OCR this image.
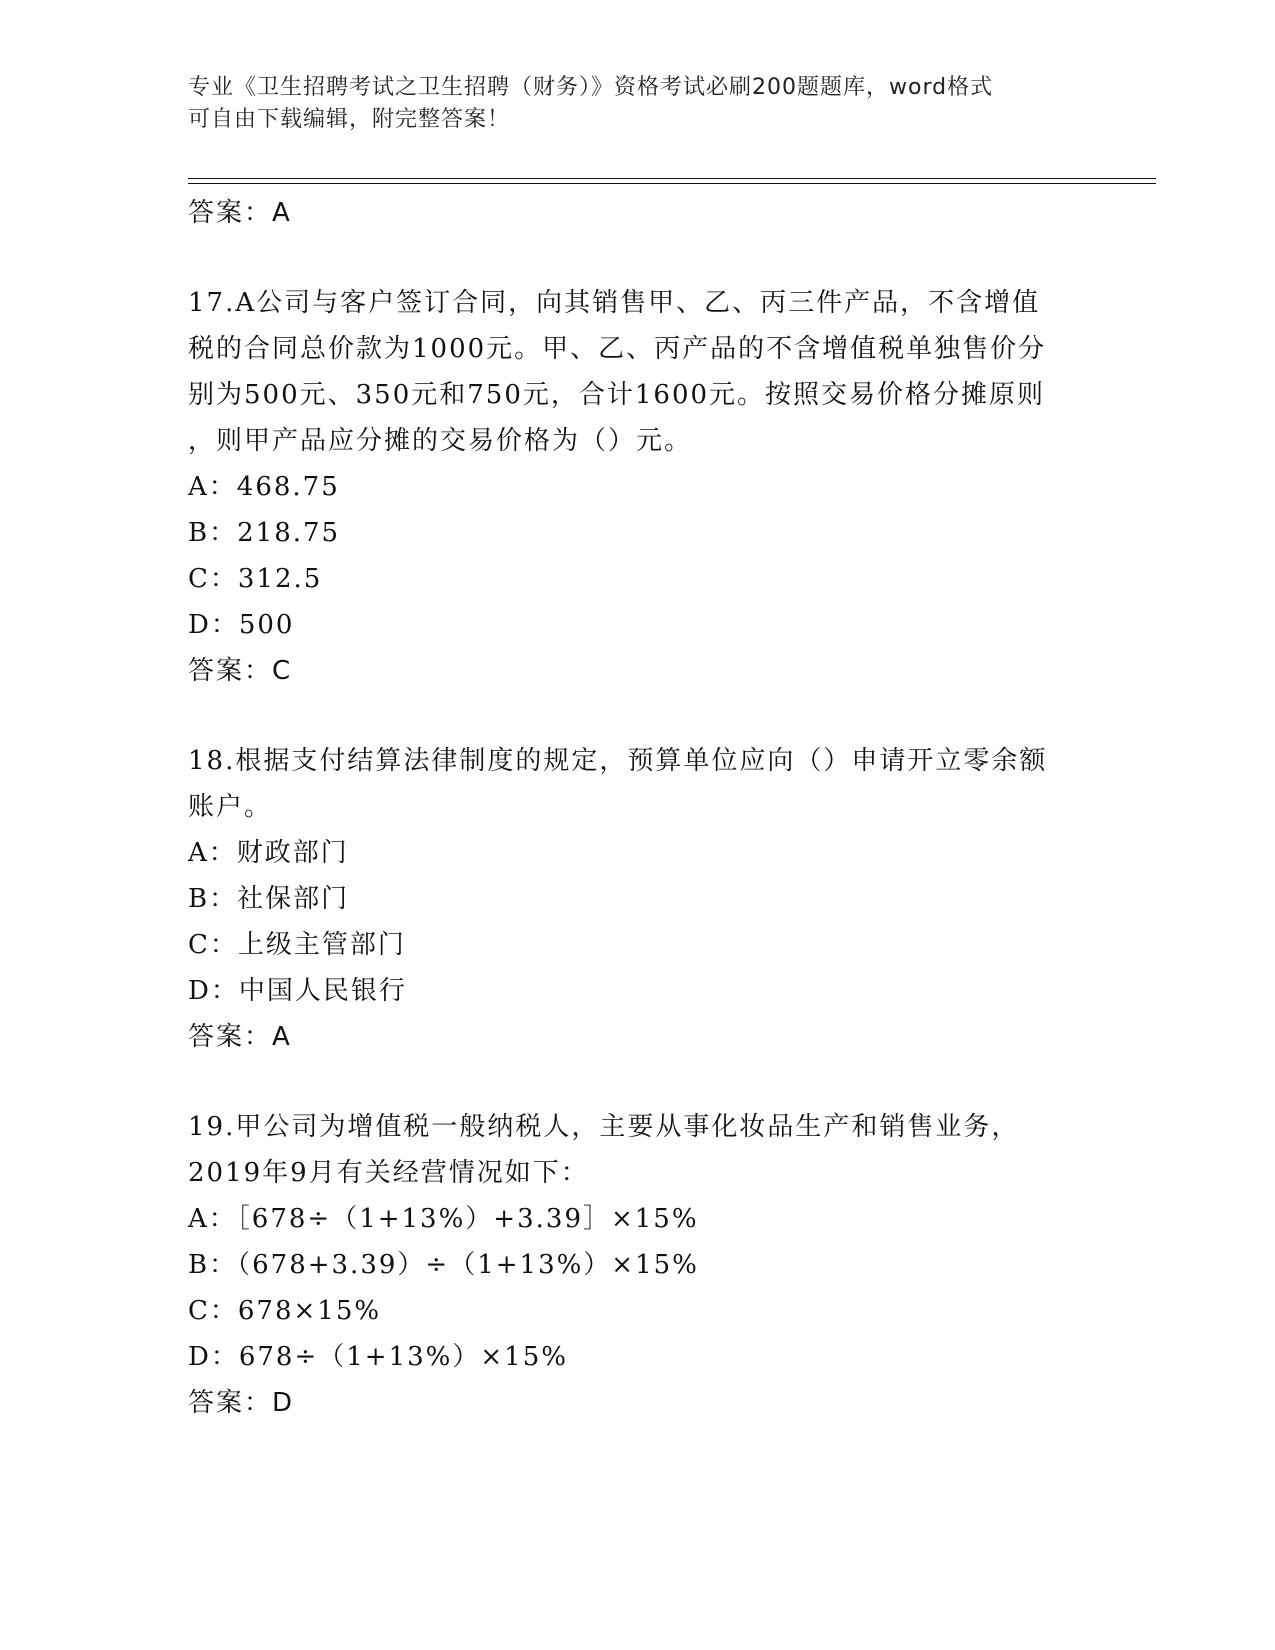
专业《卫生招聘考试之卫生招聘（财务）》资格考试必刷200题题库，word格式
可自由下载编辑，附完整答案！
答案：A
17.A公司与客户签订合同，向其销售甲、乙、丙三件产品，不含增值
税的合同总价款为1000元。甲、乙、丙产品的不含增值税单独售价分
别为500元、350元和750元，合计1600元。按照交易价格分摊原则
，则甲产品应分摊的交易价格为（）元。
A：468.75
B：218.75
C：312.5
D：500
答案：C
18.根据支付结算法律制度的规定，预算单位应向（）申请开立零余额
账户。
A：财政部门
B：社保部门
C：上级主管部门
D：中国人民银行
答案：A
19.甲公司为增值税一般纳税人，主要从事化妆品生产和销售业务，
2019年9月有关经营情况如下：
A：［678÷（1+13%）+3.39］×15%
B：（678+3.39）÷（1+13%）×15%
C：678×15%
D：678÷（1+13%）×15%
答案：D
